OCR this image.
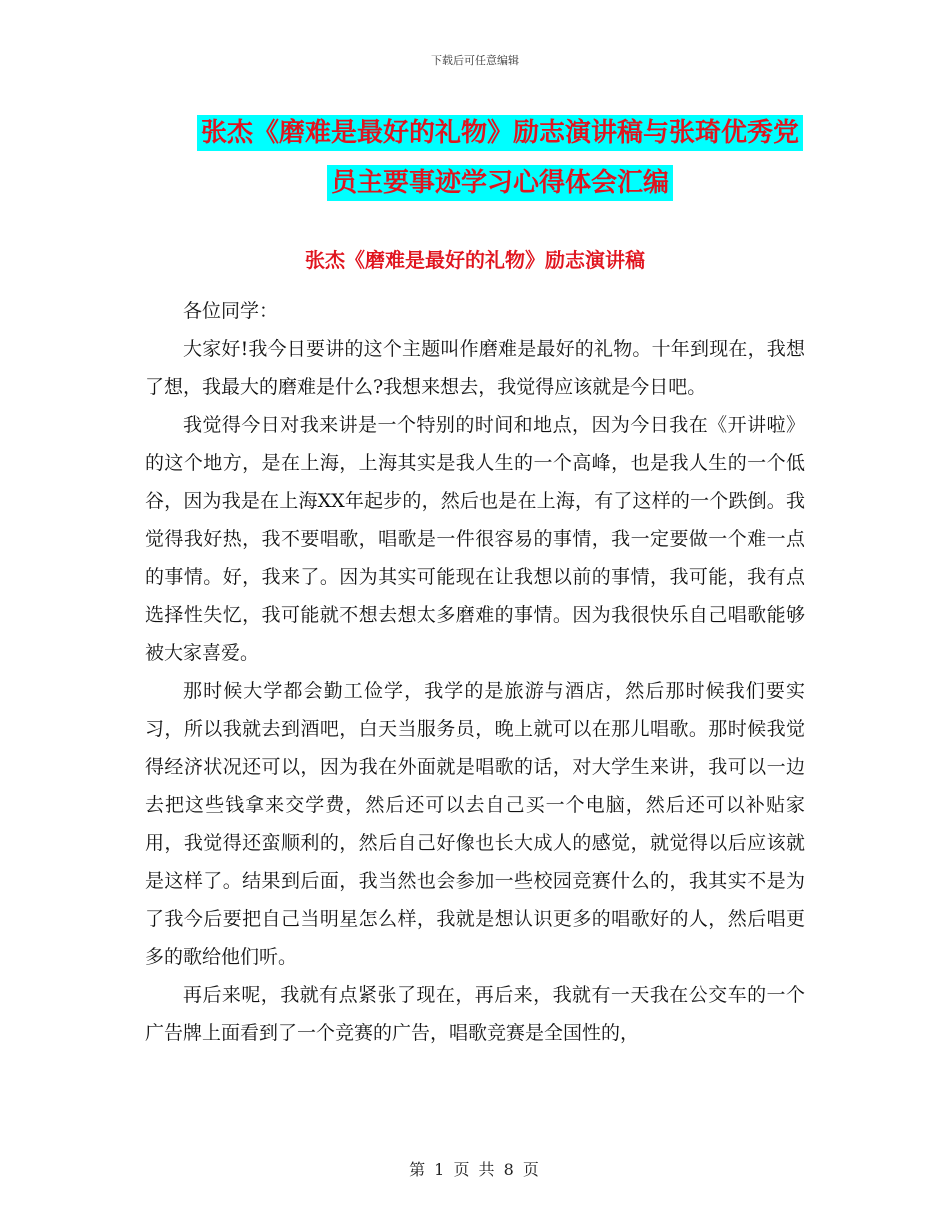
下载后可任意编辑
张杰《磨难是最好的礼物》励志演讲稿与张琦优秀党
员主要事迹学习心得体会汇编
张杰《磨难是最好的礼物》励志演讲稿

各位同学：

大家好!我今日要讲的这个主题叫作磨难是最好的礼物。十年到现在，我想了想，我最大的磨难是什么?我想来想去，我觉得应该就是今日吧。

我觉得今日对我来讲是一个特别的时间和地点，因为今日我在《开讲啦》的这个地方，是在上海，上海其实是我人生的一个高峰，也是我人生的一个低谷，因为我是在上海XX年起步的，然后也是在上海，有了这样的一个跌倒。我觉得我好热，我不要唱歌，唱歌是一件很容易的事情，我一定要做一个难一点的事情。好，我来了。因为其实可能现在让我想以前的事情，我可能，我有点选择性失忆，我可能就不想去想太多磨难的事情。因为我很快乐自己唱歌能够被大家喜爱。

那时候大学都会勤工俭学，我学的是旅游与酒店，然后那时候我们要实习，所以我就去到酒吧，白天当服务员，晚上就可以在那儿唱歌。那时候我觉得经济状况还可以，因为我在外面就是唱歌的话，对大学生来讲，我可以一边去把这些钱拿来交学费，然后还可以去自己买一个电脑，然后还可以补贴家用，我觉得还蛮顺利的，然后自己好像也长大成人的感觉，就觉得以后应该就是这样了。结果到后面，我当然也会参加一些校园竞赛什么的，我其实不是为了我今后要把自己当明星怎么样，我就是想认识更多的唱歌好的人，然后唱更多的歌给他们听。

再后来呢，我就有点紧张了现在，再后来，我就有一天我在公交车的一个广告牌上面看到了一个竞赛的广告，唱歌竞赛是全国性的，

第 1 页 共 8 页
